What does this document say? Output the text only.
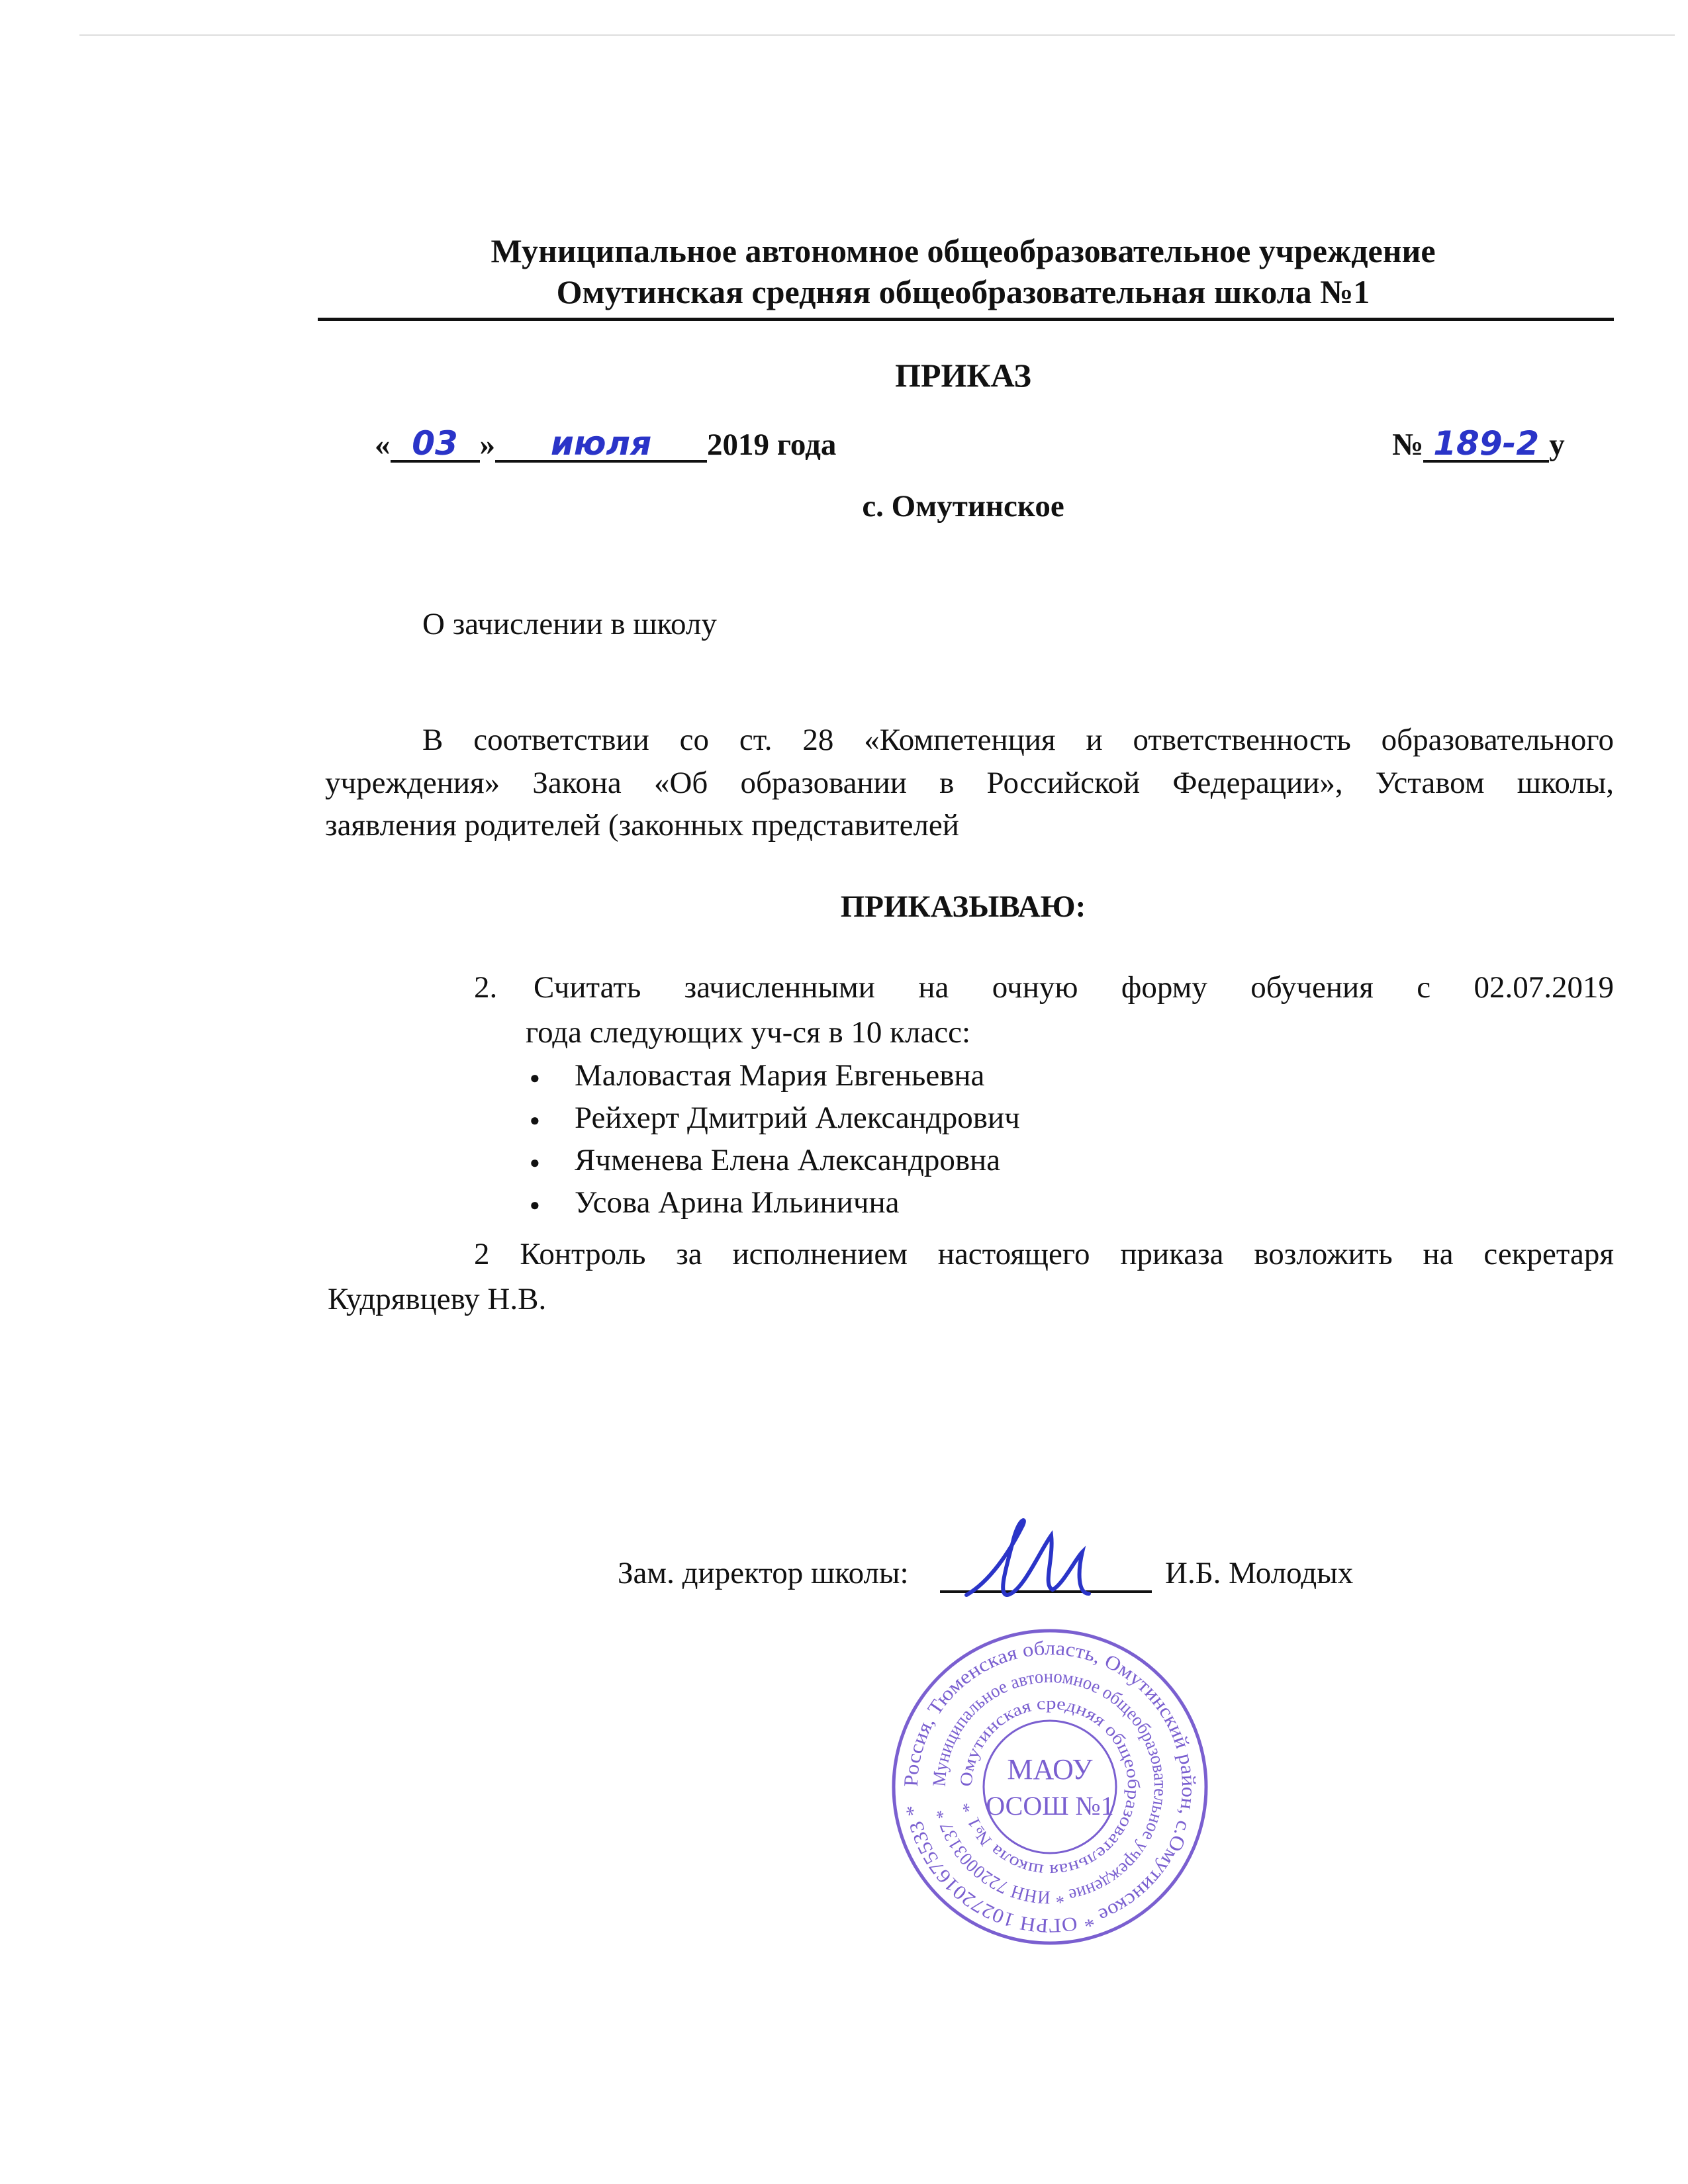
Муниципальное автономное общеобразовательное учреждение
Омутинская средняя общеобразовательная школа №1
ПРИКАЗ
« 03 » июля 2019 года	№ 189-2 у
с. Омутинское
О зачислении в школу
В соответствии со ст. 28 «Компетенция и ответственность образовательного
учреждения» Закона «Об образовании в Российской Федерации», Уставом школы,
заявления родителей (законных представителей
ПРИКАЗЫВАЮ:
2. Считать зачисленными на очную форму обучения с 02.07.2019
года следующих уч-ся в 10 класс:
● Маловастая Мария Евгеньевна
● Рейхерт Дмитрий Александрович
● Ячменева Елена Александровна
● Усова Арина Ильинична
2 Контроль за исполнением настоящего приказа возложить на секретаря
Кудрявцеву Н.В.
Зам. директор школы:	И.Б. Молодых
Россия, Тюменская область, Омутинский район, с.Омутинское * ОГРН 1027201675533 *
Муниципальное автономное общеобразовательное учреждение * ИНН 7220003137 *
Омутинская средняя общеобразовательная школа №1 *
МАОУ
ОСОШ №1
